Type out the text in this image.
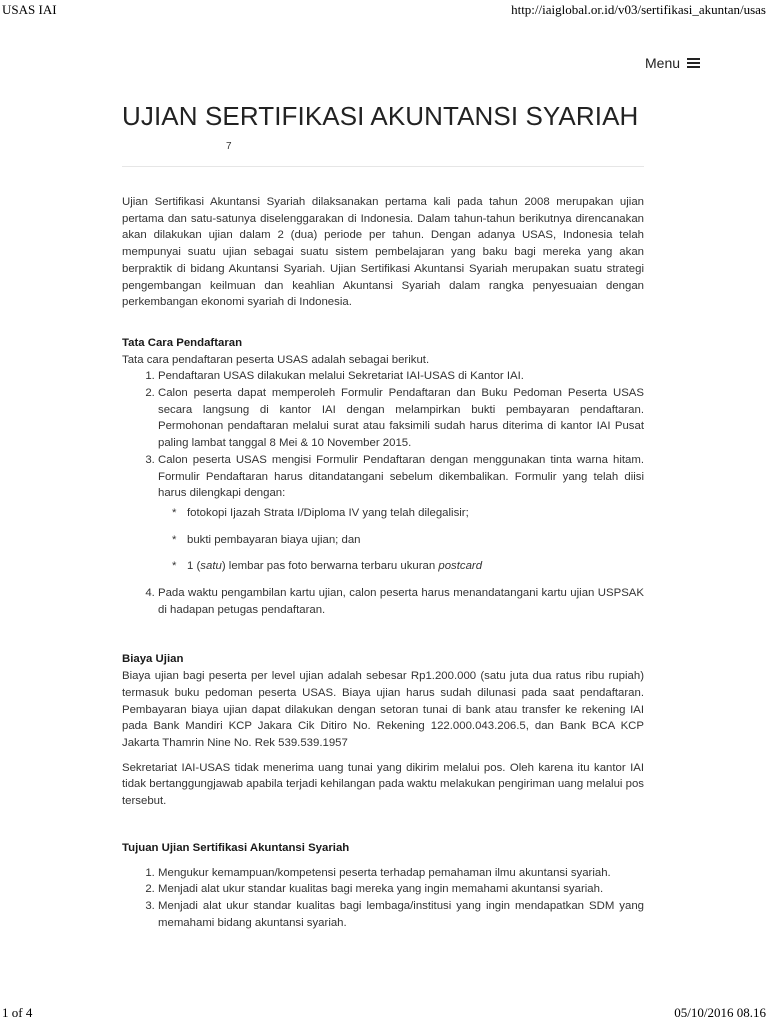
USAS IAI	http://iaiglobal.or.id/v03/sertifikasi_akuntan/usas
Menu
UJIAN SERTIFIKASI AKUNTANSI SYARIAH
7

Ujian Sertifikasi Akuntansi Syariah dilaksanakan pertama kali pada tahun 2008 merupakan ujian pertama dan satu-satunya diselenggarakan di Indonesia. Dalam tahun-tahun berikutnya direncanakan akan dilakukan ujian dalam 2 (dua) periode per tahun. Dengan adanya USAS, Indonesia telah mempunyai suatu ujian sebagai suatu sistem pembelajaran yang baku bagi mereka yang akan berpraktik di bidang Akuntansi Syariah. Ujian Sertifikasi Akuntansi Syariah merupakan suatu strategi pengembangan keilmuan dan keahlian Akuntansi Syariah dalam rangka penyesuaian dengan perkembangan ekonomi syariah di Indonesia.

Tata Cara Pendaftaran

Tata cara pendaftaran peserta USAS adalah sebagai berikut.

1. Pendaftaran USAS dilakukan melalui Sekretariat IAI-USAS di Kantor IAI.
2. Calon peserta dapat memperoleh Formulir Pendaftaran dan Buku Pedoman Peserta USAS secara langsung di kantor IAI dengan melampirkan bukti pembayaran pendaftaran. Permohonan pendaftaran melalui surat atau faksimili sudah harus diterima di kantor IAI Pusat paling lambat tanggal 8 Mei & 10 November 2015.
3. Calon peserta USAS mengisi Formulir Pendaftaran dengan menggunakan tinta warna hitam. Formulir Pendaftaran harus ditandatangani sebelum dikembalikan. Formulir yang telah diisi harus dilengkapi dengan:
* fotokopi Ijazah Strata I/Diploma IV yang telah dilegalisir;
* bukti pembayaran biaya ujian; dan
* 1 (satu) lembar pas foto berwarna terbaru ukuran postcard
4. Pada waktu pengambilan kartu ujian, calon peserta harus menandatangani kartu ujian USPSAK di hadapan petugas pendaftaran.
Biaya Ujian

Biaya ujian bagi peserta per level ujian adalah sebesar Rp1.200.000 (satu juta dua ratus ribu rupiah) termasuk buku pedoman peserta USAS. Biaya ujian harus sudah dilunasi pada saat pendaftaran. Pembayaran biaya ujian dapat dilakukan dengan setoran tunai di bank atau transfer ke rekening IAI pada Bank Mandiri KCP Jakara Cik Ditiro No. Rekening 122.000.043.206.5, dan Bank BCA KCP Jakarta Thamrin Nine No. Rek 539.539.1957

Sekretariat IAI-USAS tidak menerima uang tunai yang dikirim melalui pos. Oleh karena itu kantor IAI tidak bertanggungjawab apabila terjadi kehilangan pada waktu melakukan pengiriman uang melalui pos tersebut.

Tujuan Ujian Sertifikasi Akuntansi Syariah
1. Mengukur kemampuan/kompetensi peserta terhadap pemahaman ilmu akuntansi syariah.
2. Menjadi alat ukur standar kualitas bagi mereka yang ingin memahami akuntansi syariah.
3. Menjadi alat ukur standar kualitas bagi lembaga/institusi yang ingin mendapatkan SDM yang memahami bidang akuntansi syariah.
1 of 4	05/10/2016 08.16
